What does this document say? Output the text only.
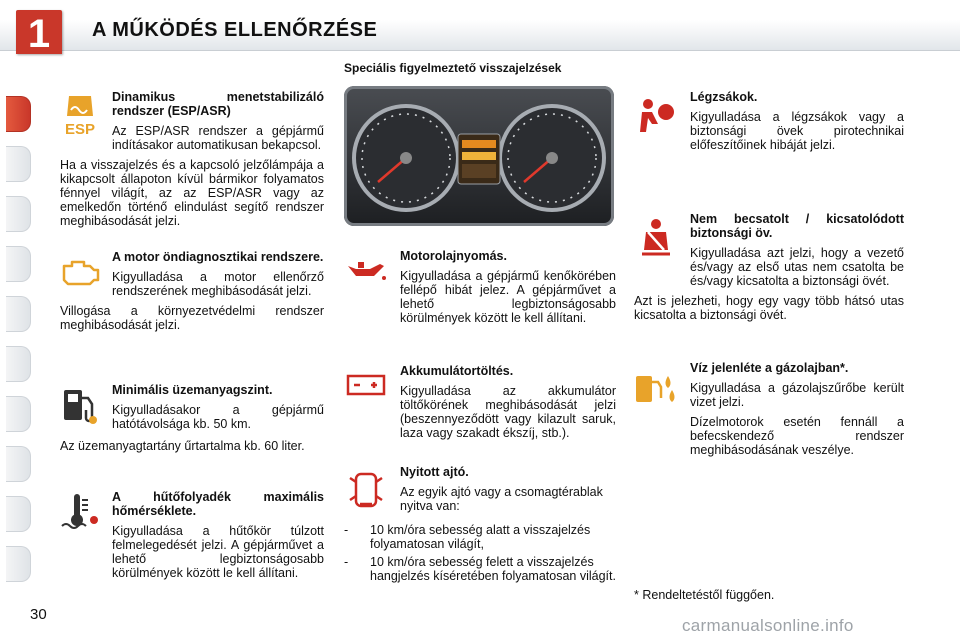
1	A MŰKÖDÉS ELLENŐRZÉSE
ESP

Dinamikus menetstabilizáló rendszer (ESP/ASR)

Az ESP/ASR rendszer a gépjármű indításakor automatikusan bekapcsol.

Ha a visszajelzés és a kapcsoló jelzőlámpája a kikapcsolt állapoton kívül bármikor folyamatos fénnyel világít, az az ESP/ASR vagy az emelkedőn történő elindulást segítő rendszer meghibásodását jelzi.

A motor öndiagnosztikai rendszere.

Kigyulladása a motor ellenőrző rendszerének meghibásodását jelzi.

Villogása a környezetvédelmi rendszer meghibásodását jelzi.

Minimális üzemanyagszint.

Kigyulladásakor a gépjármű hatótávolsága kb. 50 km.

Az üzemanyagtartány űrtartalma kb. 60 liter.

A hűtőfolyadék maximális hőmérséklete.

Kigyulladása a hűtőkör túlzott felmelegedését jelzi. A gépjárművet a lehető legbiztonságosabb körülmények között le kell állítani.

Speciális figyelmeztető visszajelzések

Motorolajnyomás.

Kigyulladása a gépjármű kenőkörében fellépő hibát jelez. A gépjárművet a lehető legbiztonságosabb körülmények között le kell állítani.

Akkumulátortöltés.

Kigyulladása az akkumulátor töltőkörének meghibásodását jelzi (beszennyeződött vagy kilazult saruk, laza vagy szakadt ékszíj, stb.).

Nyitott ajtó.

Az egyik ajtó vagy a csomagtérablak nyitva van:

- 10 km/óra sebesség alatt a visszajelzés folyamatosan világít,
- 10 km/óra sebesség felett a visszajelzés hangjelzés kíséretében folyamatosan világít.

Légzsákok.

Kigyulladása a légzsákok vagy a biztonsági övek pirotechnikai előfeszítőinek hibáját jelzi.

Nem becsatolt / kicsatolódott biztonsági öv.

Kigyulladása azt jelzi, hogy a vezető és/vagy az első utas nem csatolta be és/vagy kicsatolta a biztonsági övét.

Azt is jelezheti, hogy egy vagy több hátsó utas kicsatolta a biztonsági övét.

Víz jelenléte a gázolajban*.

Kigyulladása a gázolajszűrőbe került vizet jelzi.

Dízelmotorok esetén fennáll a befecskendező rendszer meghibásodásának veszélye.

* Rendeltetéstől függően.
30
carmanualsonline.info
